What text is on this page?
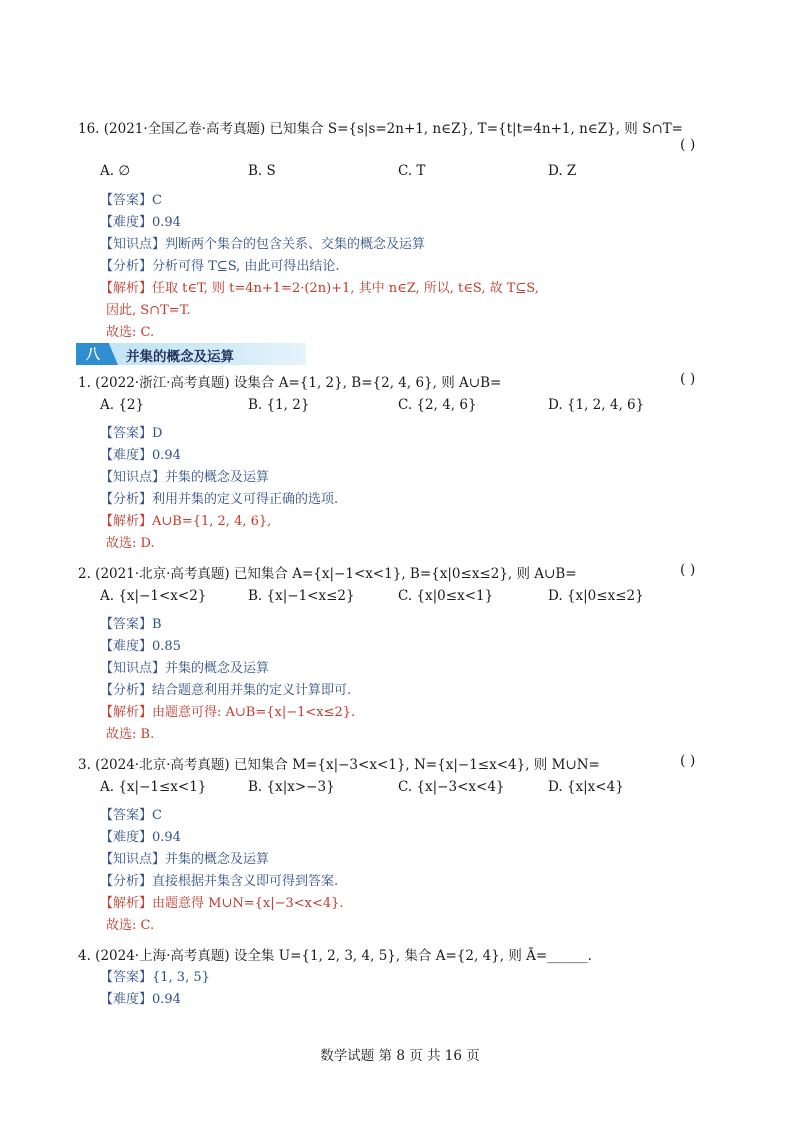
16. (2021·全国乙卷·高考真题) 已知集合 S={s|s=2n+1, n∈Z}, T={t|t=4n+1, n∈Z}, 则 S∩T=
( )
A. ∅	B. S	C. T	D. Z
【答案】C
【难度】0.94
【知识点】判断两个集合的包含关系、交集的概念及运算
【分析】分析可得 T⊆S, 由此可得出结论.
【解析】任取 t∈T, 则 t=4n+1=2·(2n)+1, 其中 n∈Z, 所以, t∈S, 故 T⊆S,
因此, S∩T=T.
故选: C.
八 并集的概念及运算
1. (2022·浙江·高考真题) 设集合 A={1, 2}, B={2, 4, 6}, 则 A∪B=	( )
A. {2}	B. {1, 2}	C. {2, 4, 6}	D. {1, 2, 4, 6}
【答案】D
【难度】0.94
【知识点】并集的概念及运算
【分析】利用并集的定义可得正确的选项.
【解析】A∪B={1, 2, 4, 6},
故选: D.
2. (2021·北京·高考真题) 已知集合 A={x|−1<x<1}, B={x|0≤x≤2}, 则 A∪B=	( )
A. {x|−1<x<2}	B. {x|−1<x≤2}	C. {x|0≤x<1}	D. {x|0≤x≤2}
【答案】B
【难度】0.85
【知识点】并集的概念及运算
【分析】结合题意利用并集的定义计算即可.
【解析】由题意可得: A∪B={x|−1<x≤2}.
故选: B.
3. (2024·北京·高考真题) 已知集合 M={x|−3<x<1}, N={x|−1≤x<4}, 则 M∪N=	( )
A. {x|−1≤x<1}	B. {x|x>−3}	C. {x|−3<x<4}	D. {x|x<4}
【答案】C
【难度】0.94
【知识点】并集的概念及运算
【分析】直接根据并集含义即可得到答案.
【解析】由题意得 M∪N={x|−3<x<4}.
故选: C.
4. (2024·上海·高考真题) 设全集 U={1, 2, 3, 4, 5}, 集合 A={2, 4}, 则 Ā=______.
【答案】{1, 3, 5}
【难度】0.94
数学试题 第 8 页 共 16 页
